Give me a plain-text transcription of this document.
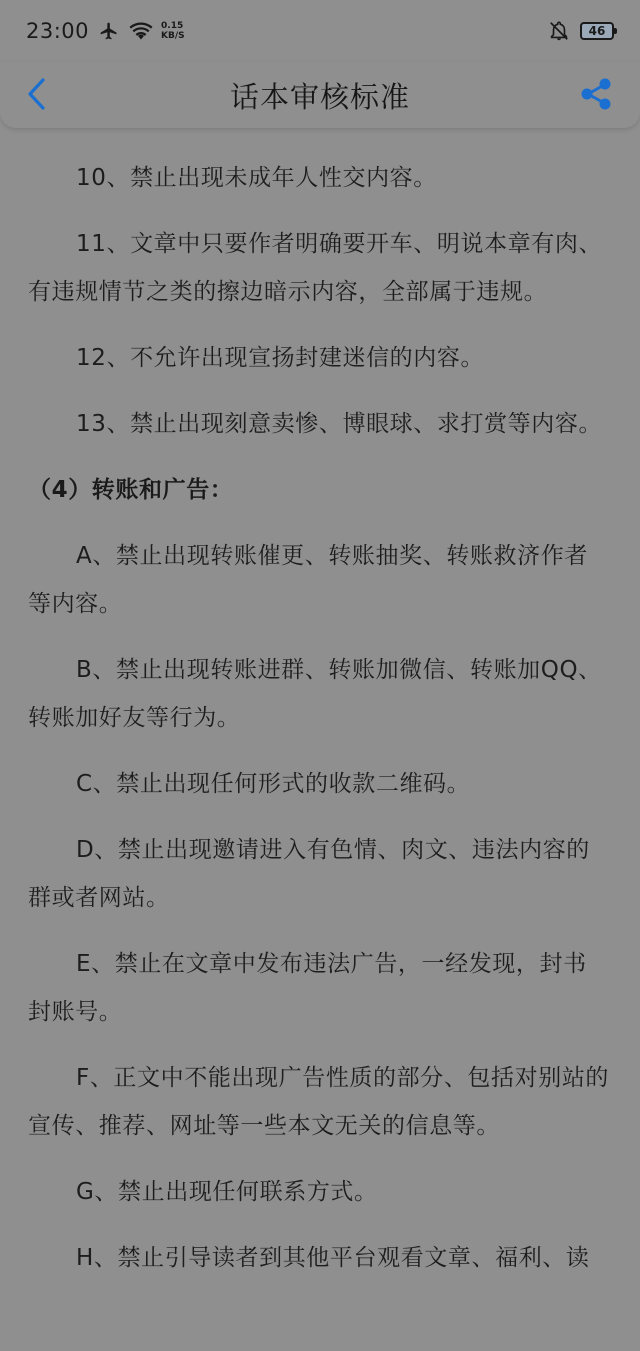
23:00	0.15
KB/S	46
话本审核标准

10、禁止出现未成年人性交内容。

11、文章中只要作者明确要开车、明说本章有肉、有违规情节之类的擦边暗示内容，全部属于违规。

12、不允许出现宣扬封建迷信的内容。

13、禁止出现刻意卖惨、博眼球、求打赏等内容。

（4）转账和广告：

A、禁止出现转账催更、转账抽奖、转账救济作者等内容。

B、禁止出现转账进群、转账加微信、转账加QQ、转账加好友等行为。

C、禁止出现任何形式的收款二维码。

D、禁止出现邀请进入有色情、肉文、违法内容的群或者网站。

E、禁止在文章中发布违法广告，一经发现，封书封账号。

F、正文中不能出现广告性质的部分、包括对别站的宣传、推荐、网址等一些本文无关的信息等。

G、禁止出现任何联系方式。

H、禁止引导读者到其他平台观看文章、福利、读
